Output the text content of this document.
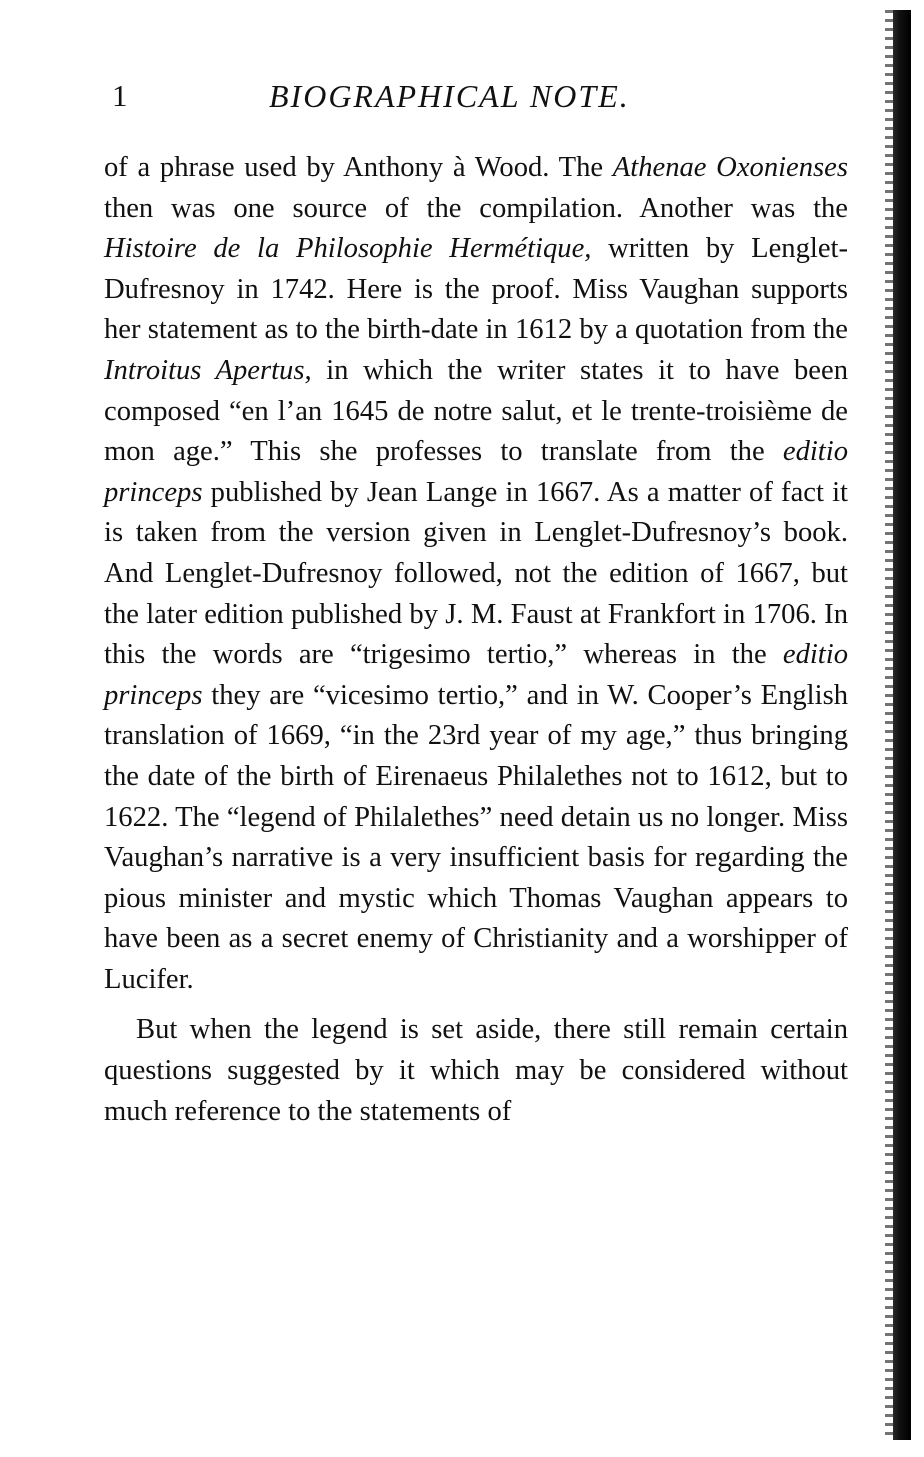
1	BIOGRAPHICAL NOTE.

of a phrase used by Anthony à Wood. The Athenae Oxonienses then was one source of the compilation. Another was the Histoire de la Philosophie Hermétique, written by Lenglet-Dufresnoy in 1742. Here is the proof. Miss Vaughan supports her statement as to the birth-date in 1612 by a quotation from the Introitus Apertus, in which the writer states it to have been composed “en l’an 1645 de notre salut, et le trente-troisième de mon age.” This she professes to translate from the editio princeps published by Jean Lange in 1667. As a matter of fact it is taken from the version given in Lenglet-Dufresnoy’s book. And Lenglet-Dufresnoy followed, not the edition of 1667, but the later edition published by J. M. Faust at Frankfort in 1706. In this the words are “trigesimo tertio,” whereas in the editio princeps they are “vicesimo tertio,” and in W. Cooper’s English translation of 1669, “in the 23rd year of my age,” thus bringing the date of the birth of Eirenaeus Philalethes not to 1612, but to 1622. The “legend of Philalethes” need detain us no longer. Miss Vaughan’s narrative is a very insufficient basis for regarding the pious minister and mystic which Thomas Vaughan appears to have been as a secret enemy of Christianity and a worshipper of Lucifer.

But when the legend is set aside, there still remain certain questions suggested by it which may be considered without much reference to the statements of
